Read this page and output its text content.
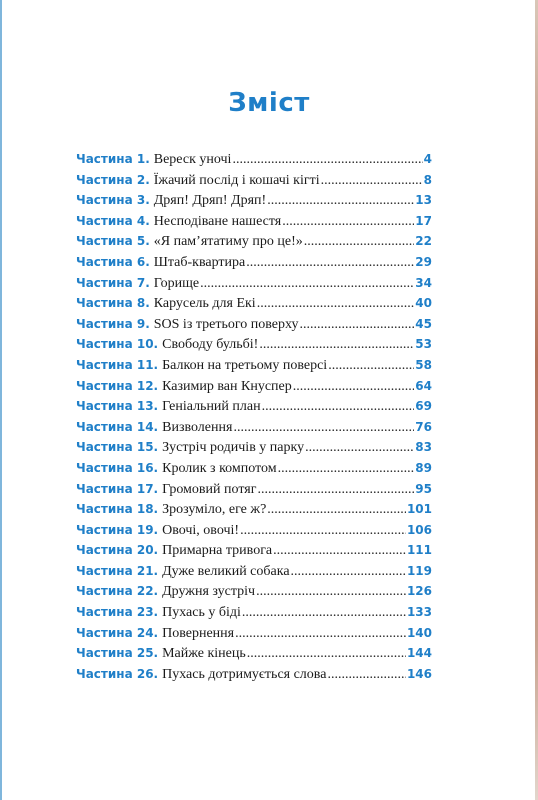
Зміст
Частина 1. Вереск уночі .....	4
Частина 2. Їжачий послід і кошачі кігті .....	8
Частина 3. Дряп! Дряп! Дряп! .....	13
Частина 4. Несподіване нашестя .....	17
Частина 5. «Я пам’ятатиму про це!» .....	22
Частина 6. Штаб-квартира .....	29
Частина 7. Горище .....	34
Частина 8. Карусель для Екі .....	40
Частина 9. SOS із третього поверху .....	45
Частина 10. Свободу бульбі! .....	53
Частина 11. Балкон на третьому поверсі .....	58
Частина 12. Казимир ван Кнуспер .....	64
Частина 13. Геніальний план .....	69
Частина 14. Визволення .....	76
Частина 15. Зустріч родичів у парку .....	83
Частина 16. Кролик з компотом .....	89
Частина 17. Громовий потяг .....	95
Частина 18. Зрозуміло, еге ж? .....	101
Частина 19. Овочі, овочі! .....	106
Частина 20. Примарна тривога .....	111
Частина 21. Дуже великий собака .....	119
Частина 22. Дружня зустріч .....	126
Частина 23. Пухась у біді .....	133
Частина 24. Повернення .....	140
Частина 25. Майже кінець .....	144
Частина 26. Пухась дотримується слова .....	146
